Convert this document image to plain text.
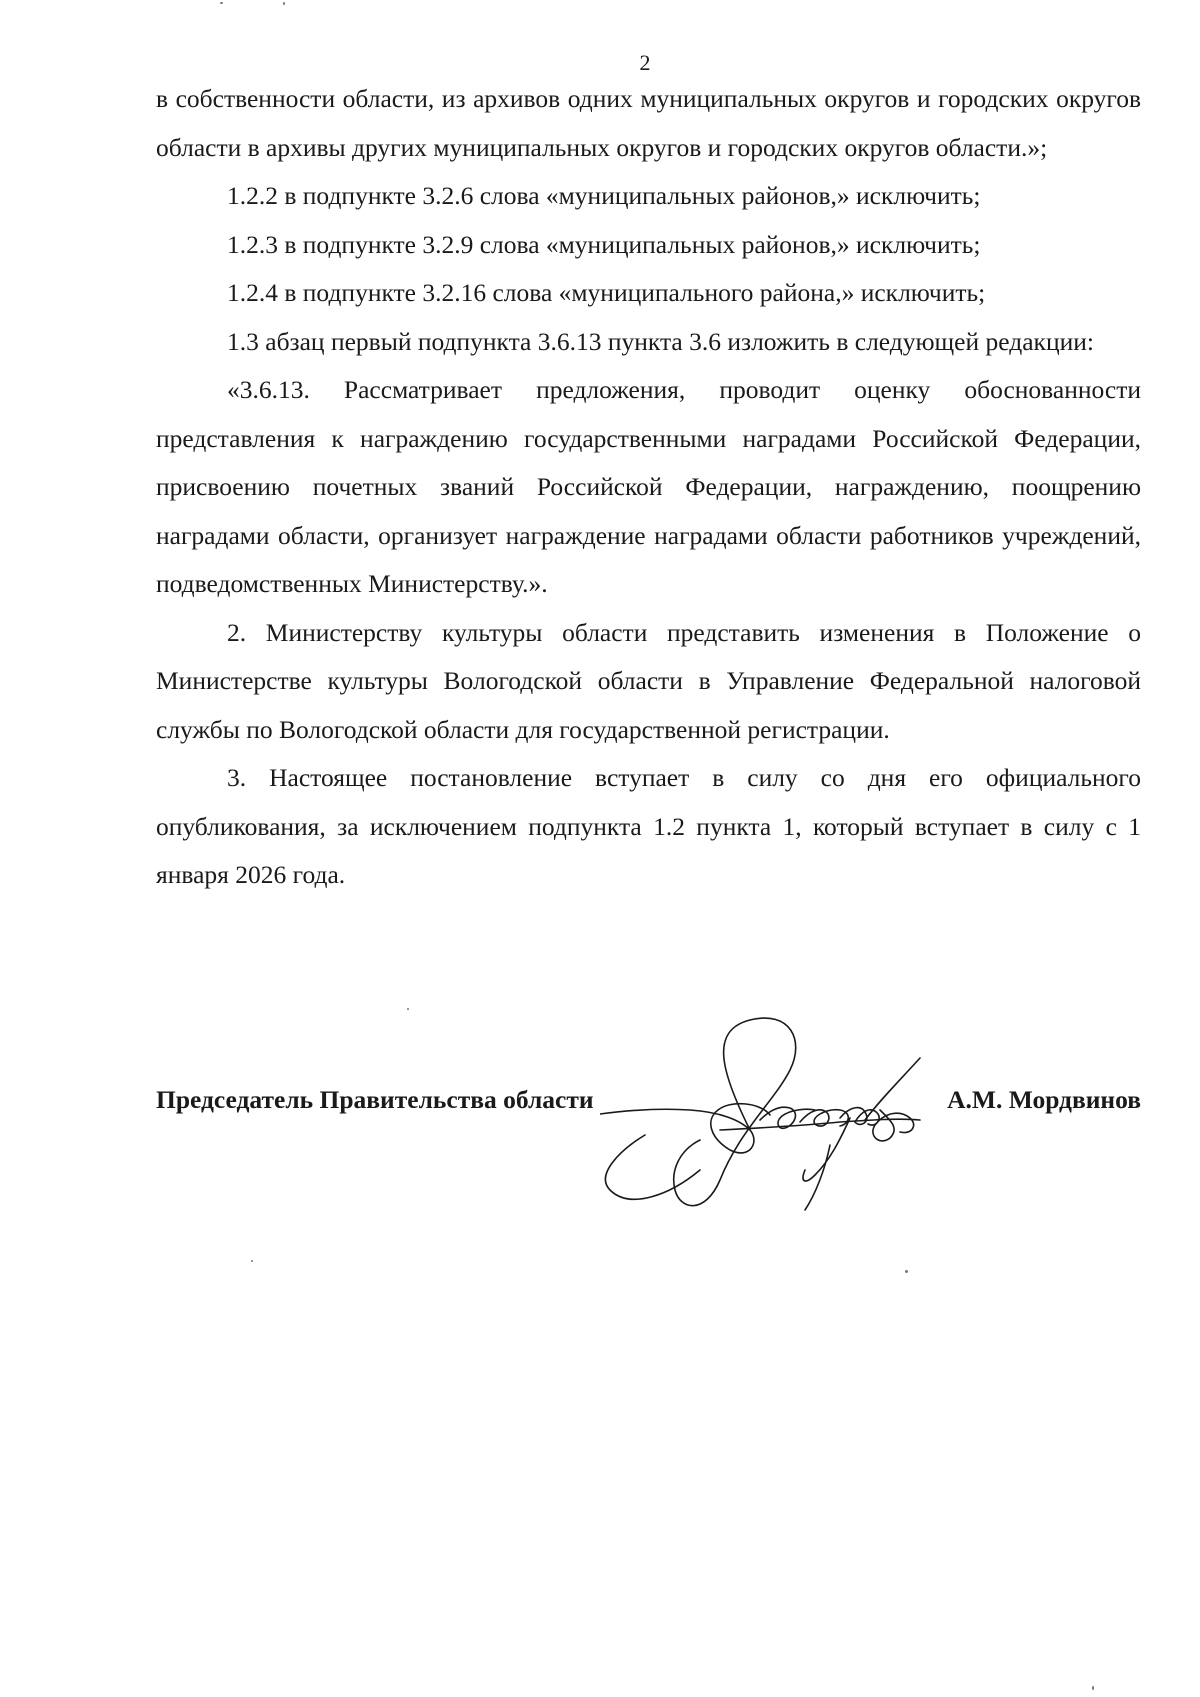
2

в собственности области, из архивов одних муниципальных округов и городских округов области в архивы других муниципальных округов и городских округов области.»;

1.2.2 в подпункте 3.2.6 слова «муниципальных районов,» исключить;

1.2.3 в подпункте 3.2.9 слова «муниципальных районов,» исключить;

1.2.4 в подпункте 3.2.16 слова «муниципального района,» исключить;

1.3 абзац первый подпункта 3.6.13 пункта 3.6 изложить в следующей редакции:

«3.6.13. Рассматривает предложения, проводит оценку обоснованности представления к награждению государственными наградами Российской Федерации, присвоению почетных званий Российской Федерации, награждению, поощрению наградами области, организует награждение наградами области работников учреждений, подведомственных Министерству.».

2. Министерству культуры области представить изменения в Положение о Министерстве культуры Вологодской области в Управление Федеральной налоговой службы по Вологодской области для государственной регистрации.

3. Настоящее постановление вступает в силу со дня его официального опубликования, за исключением подпункта 1.2 пункта 1, который вступает в силу с 1 января 2026 года.

Председатель Правительства области	А.М. Мордвинов
